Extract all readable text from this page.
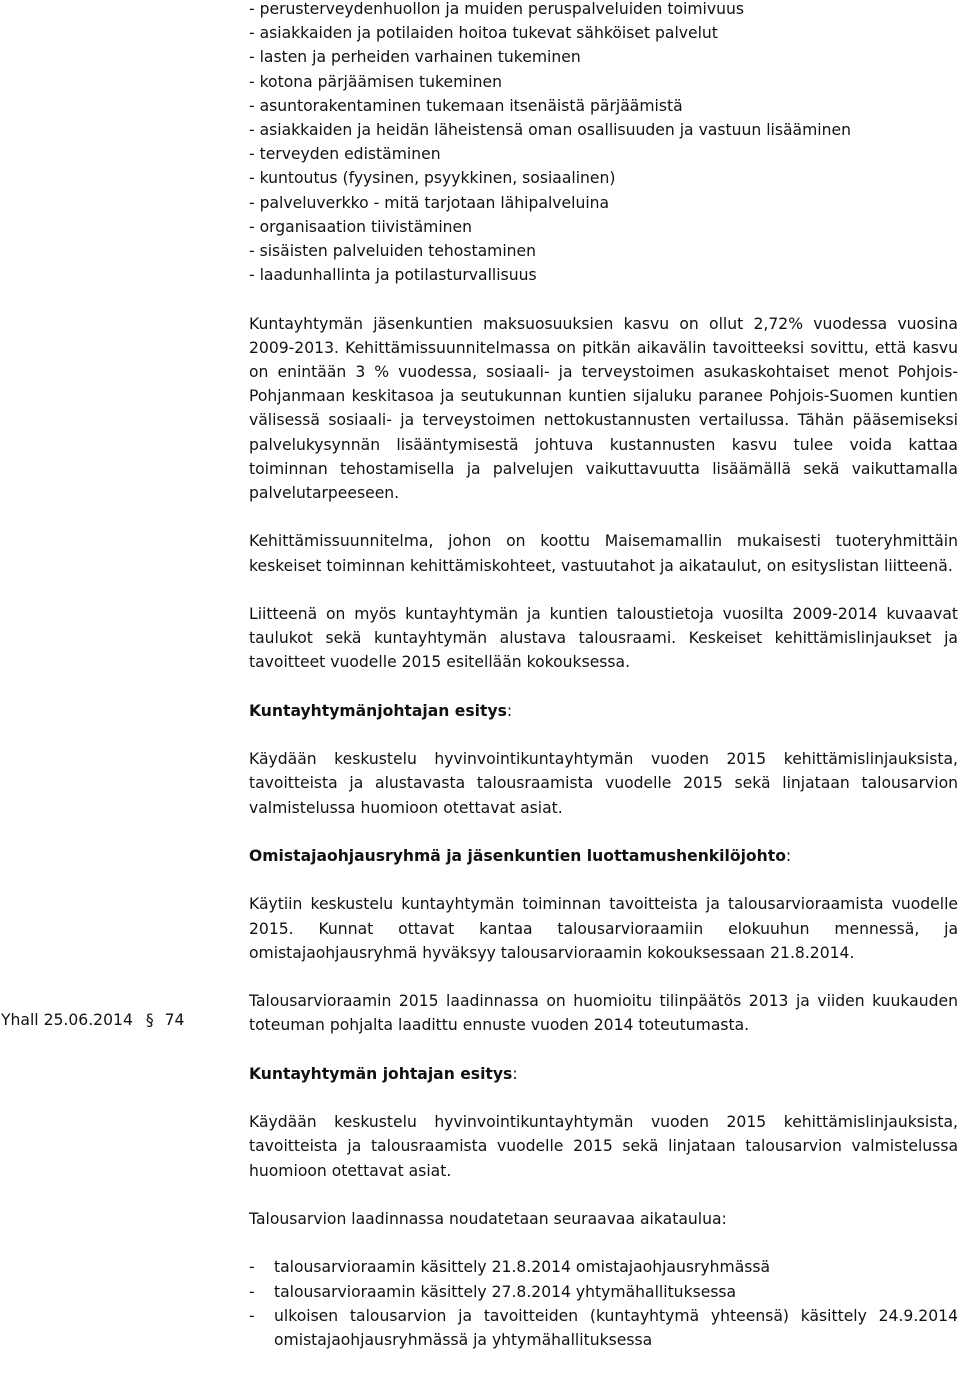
Yhall 25.06.2014 § 74
- perusterveydenhuollon ja muiden peruspalveluiden toimivuus
- asiakkaiden ja potilaiden hoitoa tukevat sähköiset palvelut
- lasten ja perheiden varhainen tukeminen
- kotona pärjäämisen tukeminen
- asuntorakentaminen tukemaan itsenäistä pärjäämistä
- asiakkaiden ja heidän läheistensä oman osallisuuden ja vastuun lisääminen
- terveyden edistäminen
- kuntoutus (fyysinen, psyykkinen, sosiaalinen)
- palveluverkko - mitä tarjotaan lähipalveluina
- organisaation tiivistäminen
- sisäisten palveluiden tehostaminen
- laadunhallinta ja potilasturvallisuus

Kuntayhtymän jäsenkuntien maksuosuuksien kasvu on ollut 2,72% vuodessa vuosina 2009-2013. Kehittämissuunnitelmassa on pitkän aikavälin tavoitteeksi sovittu, että kasvu on enintään 3 % vuodessa, sosiaali- ja terveystoimen asukaskohtaiset menot Pohjois-Pohjanmaan keskitasoa ja seutukunnan kuntien sijaluku paranee Pohjois-Suomen kuntien välisessä sosiaali- ja terveystoimen nettokustannusten vertailussa. Tähän pääsemiseksi palvelukysynnän lisääntymisestä johtuva kustannusten kasvu tulee voida kattaa toiminnan tehostamisella ja palvelujen vaikuttavuutta lisäämällä sekä vaikuttamalla palvelutarpeeseen.

Kehittämissuunnitelma, johon on koottu Maisemamallin mukaisesti tuoteryhmittäin keskeiset toiminnan kehittämiskohteet, vastuutahot ja aikataulut, on esityslistan liitteenä.

Liitteenä on myös kuntayhtymän ja kuntien taloustietoja vuosilta 2009-2014 kuvaavat taulukot sekä kuntayhtymän alustava talousraami. Keskeiset kehittämislinjaukset ja tavoitteet vuodelle 2015 esitellään kokouksessa.

Kuntayhtymänjohtajan esitys:

Käydään keskustelu hyvinvointikuntayhtymän vuoden 2015 kehittämislinjauksista, tavoitteista ja alustavasta talousraamista vuodelle 2015 sekä linjataan talousarvion valmistelussa huomioon otettavat asiat.

Omistajaohjausryhmä ja jäsenkuntien luottamushenkilöjohto:

Käytiin keskustelu kuntayhtymän toiminnan tavoitteista ja talousarvioraamista vuodelle 2015. Kunnat ottavat kantaa talousarvioraamiin elokuuhun mennessä, ja omistajaohjausryhmä hyväksyy talousarvioraamin kokouksessaan 21.8.2014.

Talousarvioraamin 2015 laadinnassa on huomioitu tilinpäätös 2013 ja viiden kuukauden toteuman pohjalta laadittu ennuste vuoden 2014 toteutumasta.

Kuntayhtymän johtajan esitys:

Käydään keskustelu hyvinvointikuntayhtymän vuoden 2015 kehittämislinjauksista, tavoitteista ja talousraamista vuodelle 2015 sekä linjataan talousarvion valmistelussa huomioon otettavat asiat.

Talousarvion laadinnassa noudatetaan seuraavaa aikataulua:

-	talousarvioraamin käsittely 21.8.2014 omistajaohjausryhmässä
-	talousarvioraamin käsittely 27.8.2014 yhtymähallituksessa
-	ulkoisen talousarvion ja tavoitteiden (kuntayhtymä yhteensä) käsittely 24.9.2014 omistajaohjausryhmässä ja yhtymähallituksessa
